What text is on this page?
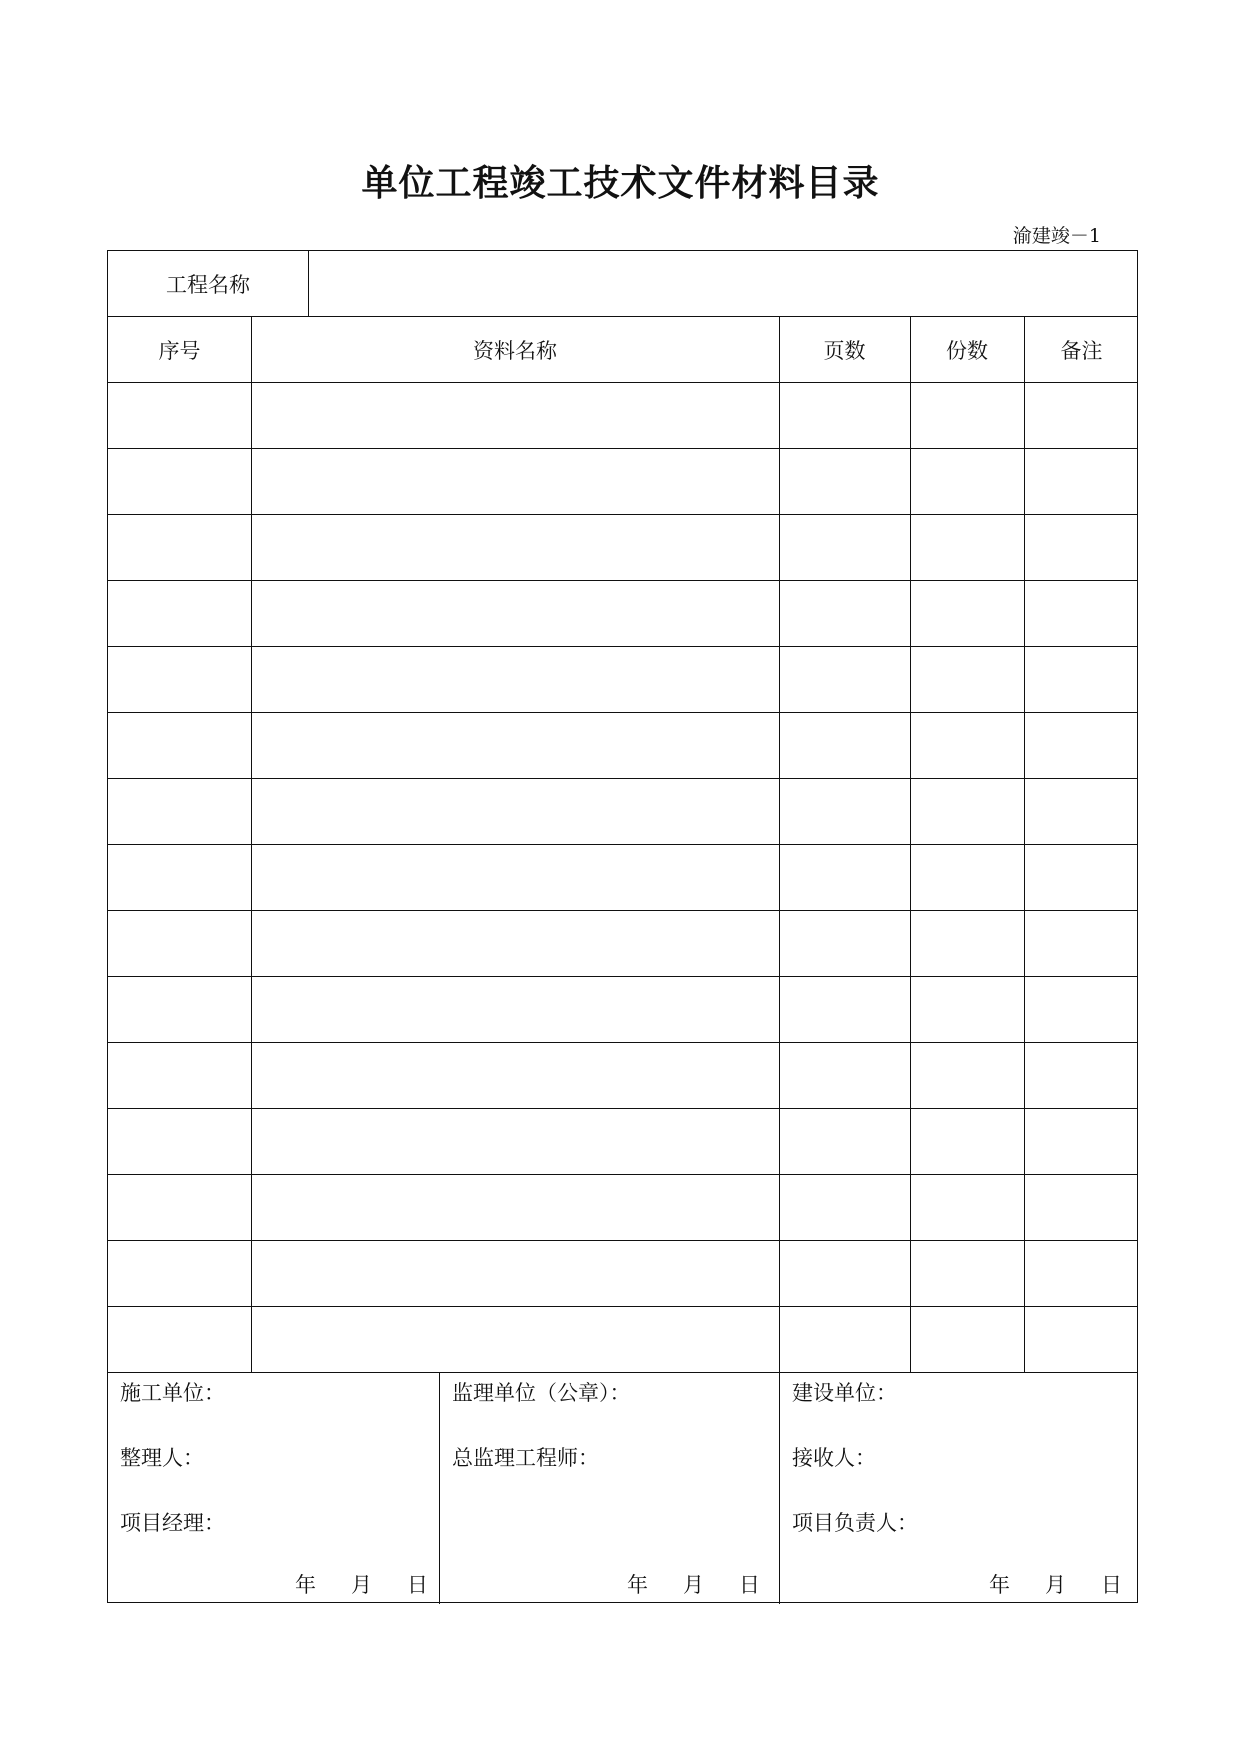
单位工程竣工技术文件材料目录
渝建竣－1
工程名称
序号	资料名称	页数	份数	备注
施工单位：
整理人：
项目经理：
年 月 日
监理单位（公章）：
总监理工程师：
年 月 日
建设单位：
接收人：
项目负责人：
年 月 日
